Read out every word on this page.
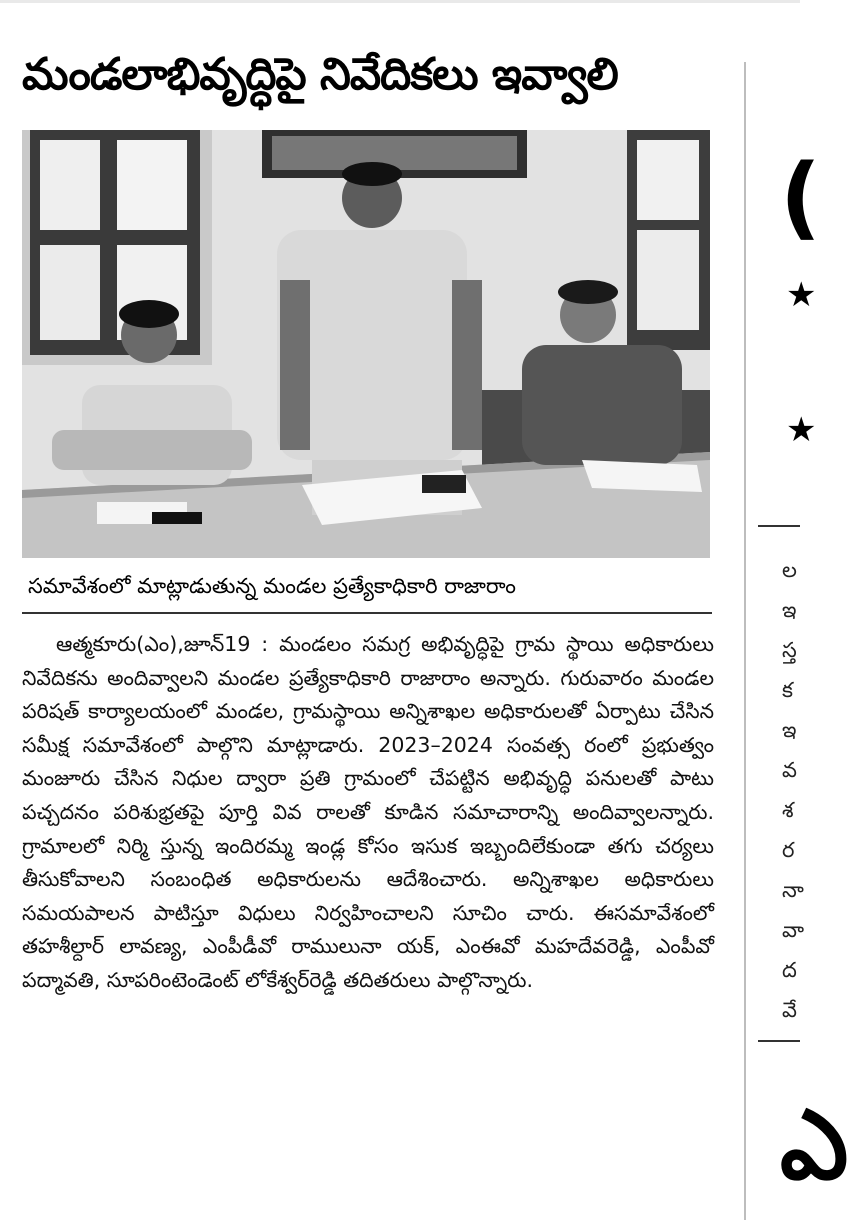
మండలాభివృద్ధిపై నివేదికలు ఇవ్వాలి
సమావేశంలో మాట్లాడుతున్న మండల ప్రత్యేకాధికారి రాజారాం
ఆత్మకూరు(ఎం),జూన్19 : మండలం సమగ్ర అభివృద్ధిపై గ్రామ స్థాయి అధికారులు నివేదికను అందివ్వాలని మండల ప్రత్యేకాధికారి రాజారాం అన్నారు. గురువారం మండల పరిషత్ కార్యాలయంలో మండల, గ్రామస్థాయి అన్నిశాఖల అధికారులతో ఏర్పాటు చేసిన సమీక్ష సమావేశంలో పాల్గొని మాట్లాడారు. 2023–2024 సంవత్స రంలో ప్రభుత్వం మంజూరు చేసిన నిధుల ద్వారా ప్రతి గ్రామంలో చేపట్టిన అభివృద్ధి పనులతో పాటు పచ్చదనం పరిశుభ్రతపై పూర్తి వివ రాలతో కూడిన సమాచారాన్ని అందివ్వాలన్నారు. గ్రామాలలో నిర్మి స్తున్న ఇందిరమ్మ ఇండ్ల కోసం ఇసుక ఇబ్బందిలేకుండా తగు చర్యలు తీసుకోవాలని సంబంధిత అధికారులను ఆదేశించారు. అన్నిశాఖల అధికారులు సమయపాలన పాటిస్తూ విధులు నిర్వహించాలని సూచిం చారు. ఈసమావేశంలో తహశీల్దార్ లావణ్య, ఎంపీడీవో రాములునా యక్, ఎంఈవో మహదేవరెడ్డి, ఎంపీవో పద్మావతి, సూపరింటెండెంట్ లోకేశ్వర్‌రెడ్డి తదితరులు పాల్గొన్నారు.
(
★
★
ల
ఇ
స్త
క
ఇ
వ
శ
ర
నా
వా
ద
వే
ఎ
